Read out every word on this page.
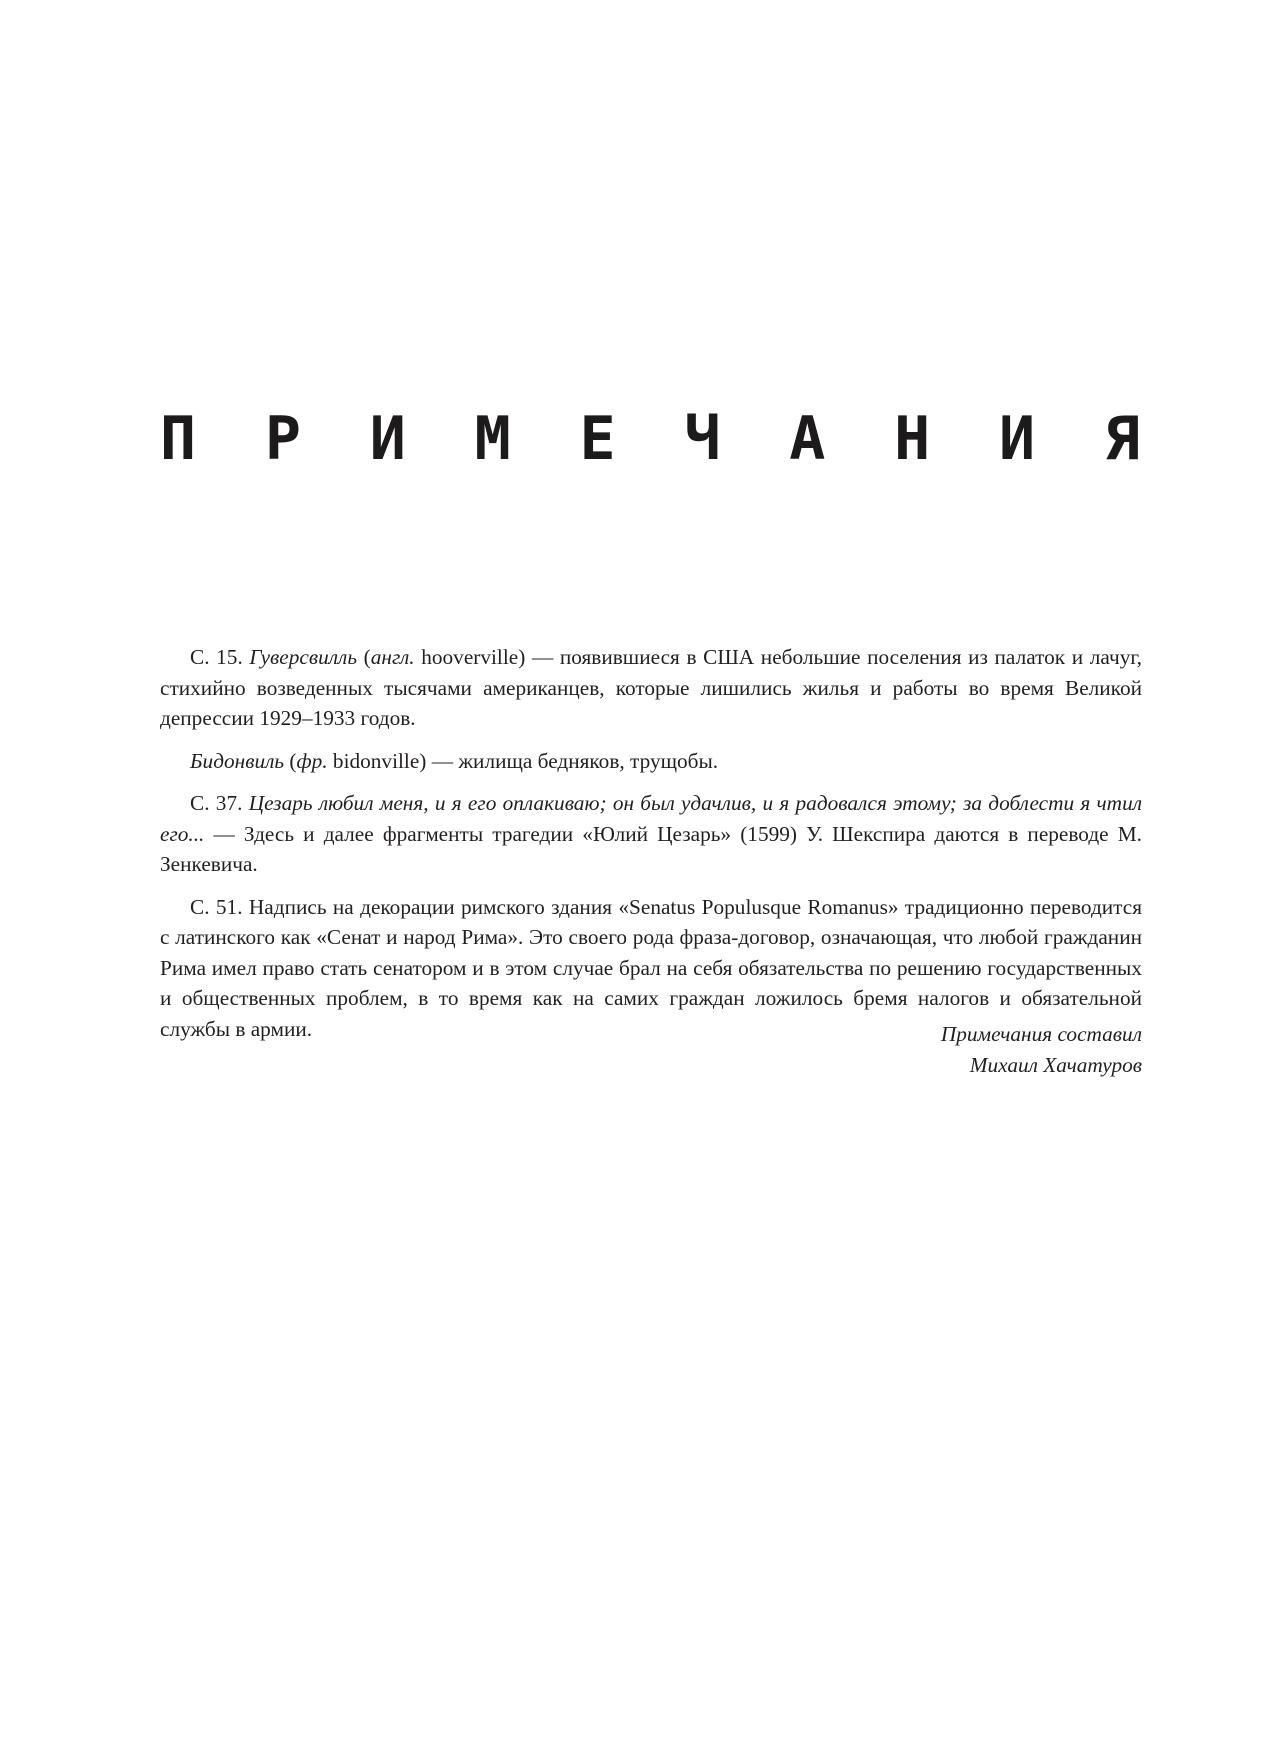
П Р И М Е Ч А Н И Я

С. 15. Гуверсвилль (англ. hooverville) — появившиеся в США небольшие поселения из палаток и лачуг, стихийно возведенных тысячами американцев, которые лишились жилья и работы во время Великой депрессии 1929–1933 годов.

Бидонвиль (фр. bidonville) — жилища бедняков, трущобы.

С. 37. Цезарь любил меня, и я его оплакиваю; он был удачлив, и я радовался этому; за доблести я чтил его... — Здесь и далее фрагменты трагедии «Юлий Цезарь» (1599) У. Шекспира даются в переводе М. Зенкевича.

С. 51. Надпись на декорации римского здания «Senatus Populusque Romanus» традиционно переводится с латинского как «Сенат и народ Рима». Это своего рода фраза-договор, означающая, что любой гражданин Рима имел право стать сенатором и в этом случае брал на себя обязательства по решению государственных и общественных проблем, в то время как на самих граждан ложилось бремя налогов и обязательной службы в армии.	Примечания составил
Михаил Хачатуров
